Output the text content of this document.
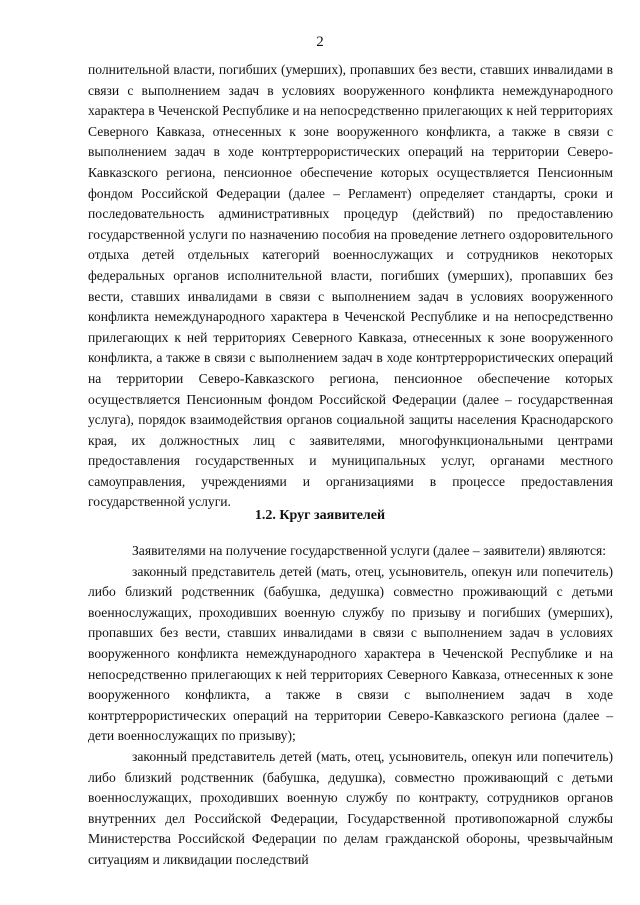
2

полнительной власти, погибших (умерших), пропавших без вести, ставших инвалидами в связи с выполнением задач в условиях вооруженного конфликта немеждународного характера в Чеченской Республике и на непосредственно прилегающих к ней территориях Северного Кавказа, отнесенных к зоне вооруженного конфликта, а также в связи с выполнением задач в ходе контртеррористических операций на территории Северо-Кавказского региона, пенсионное обеспечение которых осуществляется Пенсионным фондом Российской Федерации (далее – Регламент) определяет стандарты, сроки и последовательность административных процедур (действий) по предоставлению государственной услуги по назначению пособия на проведение летнего оздоровительного отдыха детей отдельных категорий военнослужащих и сотрудников некоторых федеральных органов исполнительной власти, погибших (умерших), пропавших без вести, ставших инвалидами в связи с выполнением задач в условиях вооруженного конфликта немеждународного характера в Чеченской Республике и на непосредственно прилегающих к ней территориях Северного Кавказа, отнесенных к зоне вооруженного конфликта, а также в связи с выполнением задач в ходе контртеррористических операций на территории Северо-Кавказского региона, пенсионное обеспечение которых осуществляется Пенсионным фондом Российской Федерации (далее – государственная услуга), порядок взаимодействия органов социальной защиты населения Краснодарского края, их должностных лиц с заявителями, многофункциональными центрами предоставления государственных и муниципальных услуг, органами местного самоуправления, учреждениями и организациями в процессе предоставления государственной услуги.

1.2. Круг заявителей

Заявителями на получение государственной услуги (далее – заявители) являются:

законный представитель детей (мать, отец, усыновитель, опекун или попечитель) либо близкий родственник (бабушка, дедушка) совместно проживающий с детьми военнослужащих, проходивших военную службу по призыву и погибших (умерших), пропавших без вести, ставших инвалидами в связи с выполнением задач в условиях вооруженного конфликта немеждународного характера в Чеченской Республике и на непосредственно прилегающих к ней территориях Северного Кавказа, отнесенных к зоне вооруженного конфликта, а также в связи с выполнением задач в ходе контртеррористических операций на территории Северо-Кавказского региона (далее – дети военнослужащих по призыву);

законный представитель детей (мать, отец, усыновитель, опекун или попечитель) либо близкий родственник (бабушка, дедушка), совместно проживающий с детьми военнослужащих, проходивших военную службу по контракту, сотрудников органов внутренних дел Российской Федерации, Государственной противопожарной службы Министерства Российской Федерации по делам гражданской обороны, чрезвычайным ситуациям и ликвидации последствий
